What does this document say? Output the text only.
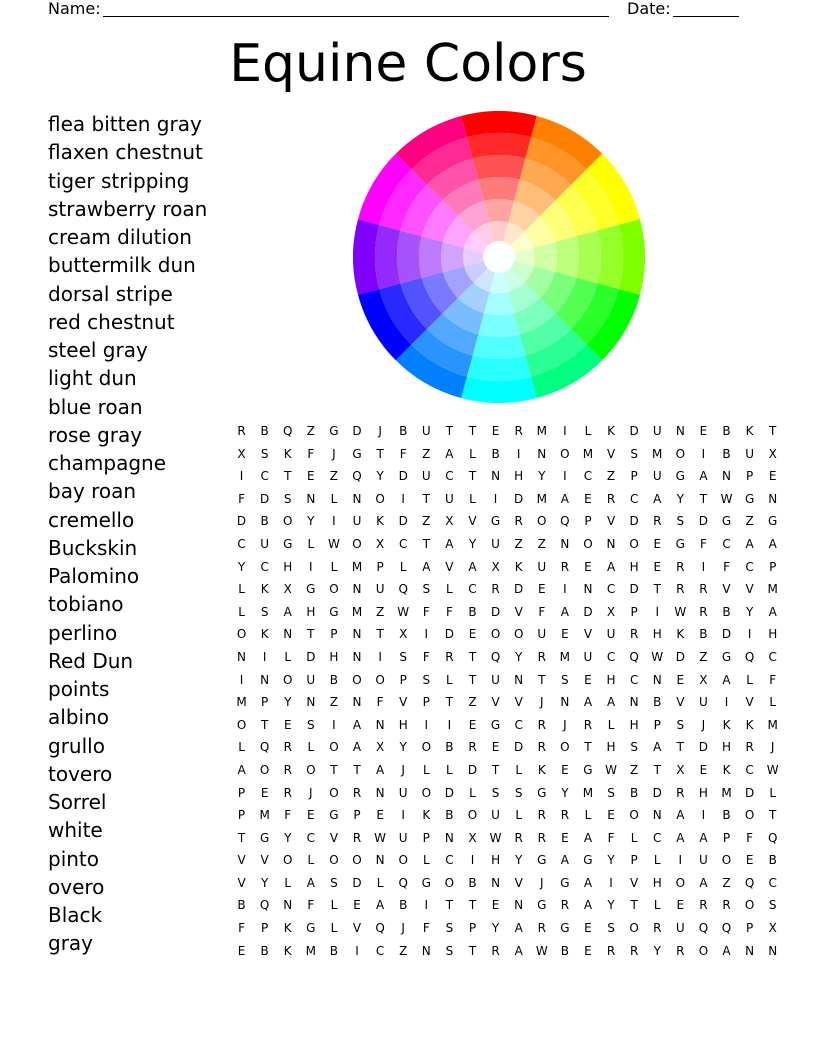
Name:	Date:
Equine Colors
flea bitten gray
flaxen chestnut
tiger stripping
strawberry roan
cream dilution
buttermilk dun
dorsal stripe
red chestnut
steel gray
light dun
blue roan
rose gray
champagne
bay roan
cremello
Buckskin
Palomino
tobiano
perlino
Red Dun
points
albino
grullo
tovero
Sorrel
white
pinto
overo
Black
gray
R	B	Q	Z	G	D	J	B	U	T	T	E	R	M	I	L	K	D	U	N	E	B	K	T
X	S	K	F	J	G	T	F	Z	A	L	B	I	N	O	M	V	S	M	O	I	B	U	X
I	C	T	E	Z	Q	Y	D	U	C	T	N	H	Y	I	C	Z	P	U	G	A	N	P	E
F	D	S	N	L	N	O	I	T	U	L	I	D	M	A	E	R	C	A	Y	T	W	G	N
D	B	O	Y	I	U	K	D	Z	X	V	G	R	O	Q	P	V	D	R	S	D	G	Z	G
C	U	G	L	W	O	X	C	T	A	Y	U	Z	Z	N	O	N	O	E	G	F	C	A	A
Y	C	H	I	L	M	P	L	A	V	A	X	K	U	R	E	A	H	E	R	I	F	C	P
L	K	X	G	O	N	U	Q	S	L	C	R	D	E	I	N	C	D	T	R	R	V	V	M
L	S	A	H	G	M	Z	W	F	F	B	D	V	F	A	D	X	P	I	W	R	B	Y	A
O	K	N	T	P	N	T	X	I	D	E	O	O	U	E	V	U	R	H	K	B	D	I	H
N	I	L	D	H	N	I	S	F	R	T	Q	Y	R	M	U	C	Q	W	D	Z	G	Q	C
I	N	O	U	B	O	O	P	S	L	T	U	N	T	S	E	H	C	N	E	X	A	L	F
M	P	Y	N	Z	N	F	V	P	T	Z	V	V	J	N	A	A	N	B	V	U	I	V	L
O	T	E	S	I	A	N	H	I	I	E	G	C	R	J	R	L	H	P	S	J	K	K	M
L	Q	R	L	O	A	X	Y	O	B	R	E	D	R	O	T	H	S	A	T	D	H	R	J
A	O	R	O	T	T	A	J	L	L	D	T	L	K	E	G	W	Z	T	X	E	K	C	W
P	E	R	J	O	R	N	U	O	D	L	S	S	G	Y	M	S	B	D	R	H	M	D	L
P	M	F	E	G	P	E	I	K	B	O	U	L	R	R	L	E	O	N	A	I	B	O	T
T	G	Y	C	V	R	W	U	P	N	X	W	R	R	E	A	F	L	C	A	A	P	F	Q
V	V	O	L	O	O	N	O	L	C	I	H	Y	G	A	G	Y	P	L	I	U	O	E	B
V	Y	L	A	S	D	L	Q	G	O	B	N	V	J	G	A	I	V	H	O	A	Z	Q	C
B	Q	N	F	L	E	A	B	I	T	T	E	N	G	R	A	Y	T	L	E	R	R	O	S
F	P	K	G	L	V	Q	J	F	S	P	Y	A	R	G	E	S	O	R	U	Q	Q	P	X
E	B	K	M	B	I	C	Z	N	S	T	R	A	W	B	E	R	R	Y	R	O	A	N	N
